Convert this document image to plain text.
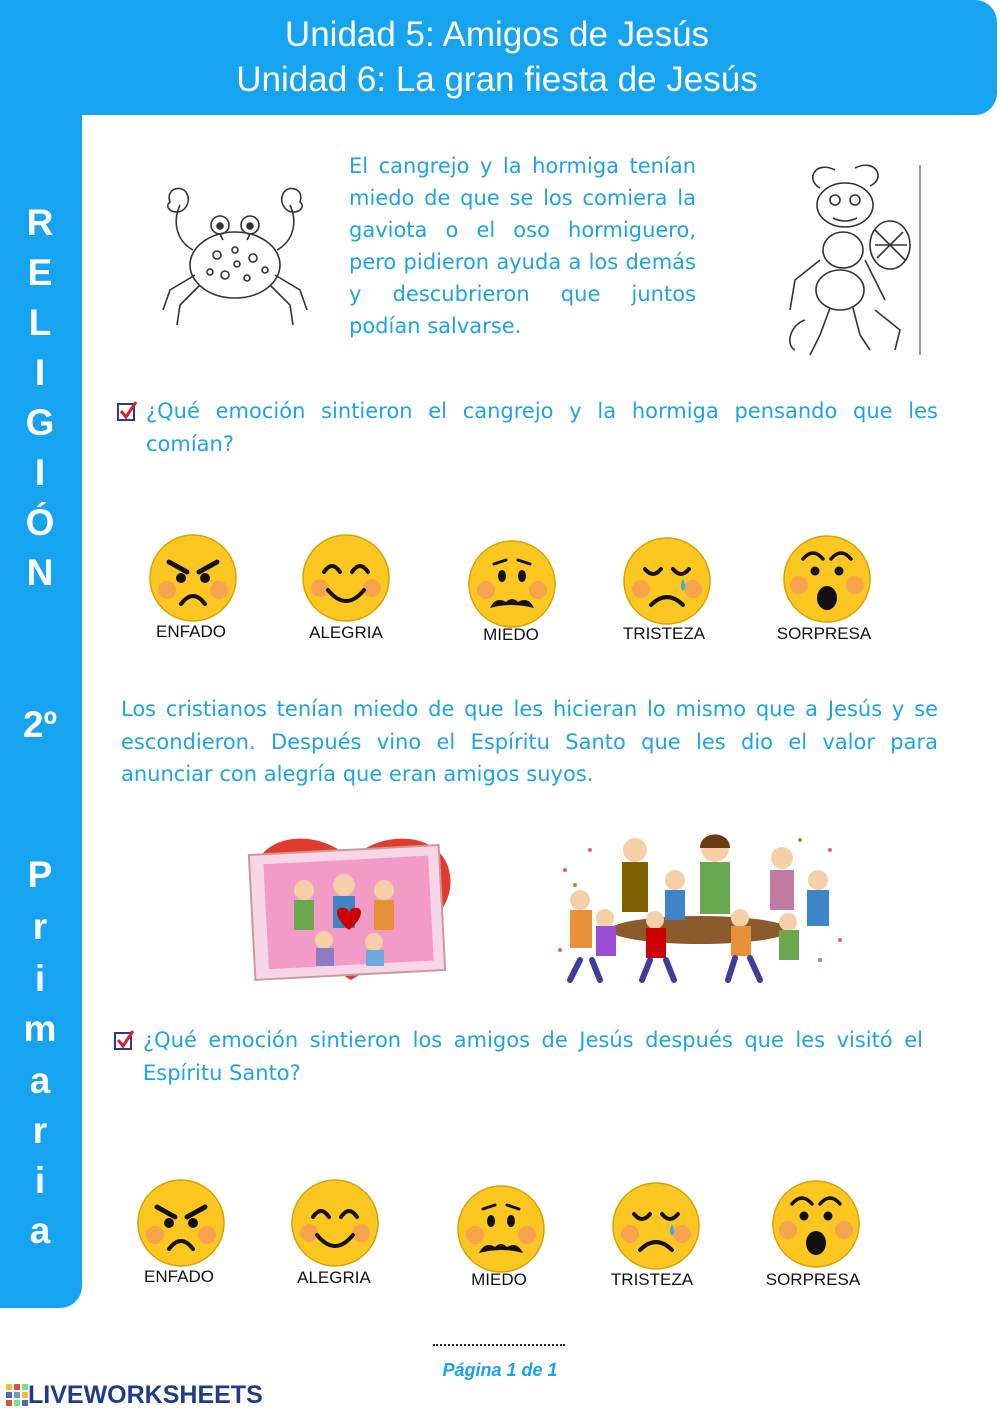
Unidad 5: Amigos de Jesús
Unidad 6: La gran fiesta de Jesús
R
E
L
I
G
I
Ó
N
2º
P
r
i
m
a
r
i
a
El cangrejo y la hormiga tenían miedo de que se los comiera la gaviota o el oso hormiguero, pero pidieron ayuda a los demás y descubrieron que juntos podían salvarse.
¿Qué emoción sintieron el cangrejo y la hormiga pensando que les comían?
ENFADO	ALEGRIA	MIEDO	TRISTEZA	SORPRESA
Los cristianos tenían miedo de que les hicieran lo mismo que a Jesús y se escondieron. Después vino el Espíritu Santo que les dio el valor para anunciar con alegría que eran amigos suyos.
¿Qué emoción sintieron los amigos de Jesús después que les visitó el Espíritu Santo?
ENFADO	ALEGRIA	MIEDO	TRISTEZA	SORPRESA
Página 1 de 1
LIVEWORKSHEETS
